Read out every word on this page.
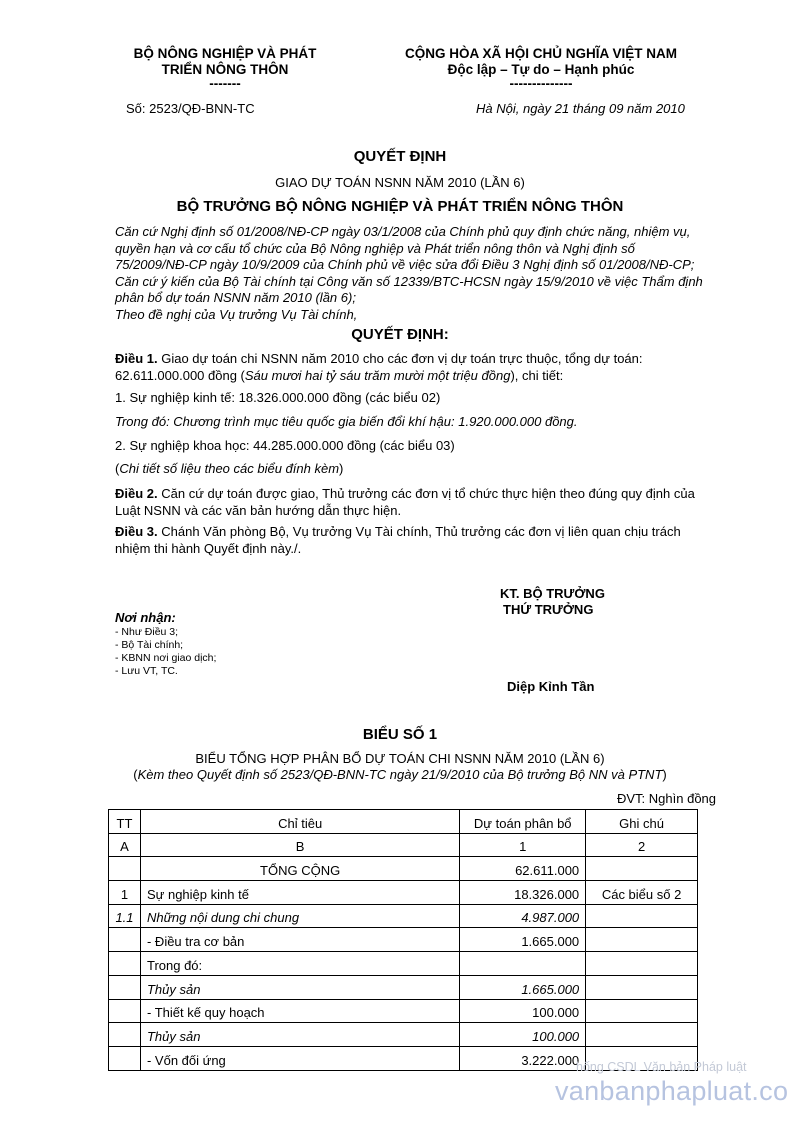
BỘ NÔNG NGHIỆP VÀ PHÁT
TRIỂN NÔNG THÔN
-------
CỘNG HÒA XÃ HỘI CHỦ NGHĨA VIỆT NAM
Độc lập – Tự do – Hạnh phúc
--------------
Số: 2523/QĐ-BNN-TC	Hà Nội, ngày 21 tháng 09 năm 2010
QUYẾT ĐỊNH
GIAO DỰ TOÁN NSNN NĂM 2010 (LẦN 6)
BỘ TRƯỞNG BỘ NÔNG NGHIỆP VÀ PHÁT TRIỂN NÔNG THÔN
Căn cứ Nghị định số 01/2008/NĐ-CP ngày 03/1/2008 của Chính phủ quy định chức năng, nhiệm vụ,
quyền hạn và cơ cấu tổ chức của Bộ Nông nghiệp và Phát triển nông thôn và Nghị định số
75/2009/NĐ-CP ngày 10/9/2009 của Chính phủ về việc sửa đổi Điều 3 Nghị định số 01/2008/NĐ-CP;
Căn cứ ý kiến của Bộ Tài chính tại Công văn số 12339/BTC-HCSN ngày 15/9/2010 về việc Thẩm định
phân bổ dự toán NSNN năm 2010 (lần 6);
Theo đề nghị của Vụ trưởng Vụ Tài chính,
QUYẾT ĐỊNH:
Điều 1. Giao dự toán chi NSNN năm 2010 cho các đơn vị dự toán trực thuộc, tổng dự toán:
62.611.000.000 đồng (Sáu mươi hai tỷ sáu trăm mười một triệu đồng), chi tiết:
1. Sự nghiệp kinh tế: 18.326.000.000 đồng (các biểu 02)
Trong đó: Chương trình mục tiêu quốc gia biến đổi khí hậu: 1.920.000.000 đồng.
2. Sự nghiệp khoa học: 44.285.000.000 đồng (các biểu 03)
(Chi tiết số liệu theo các biểu đính kèm)
Điều 2. Căn cứ dự toán được giao, Thủ trưởng các đơn vị tổ chức thực hiện theo đúng quy định của
Luật NSNN và các văn bản hướng dẫn thực hiện.
Điều 3. Chánh Văn phòng Bộ, Vụ trưởng Vụ Tài chính, Thủ trưởng các đơn vị liên quan chịu trách
nhiệm thi hành Quyết định này./.
KT. BỘ TRƯỞNG
THỨ TRƯỞNG
Diệp Kỉnh Tần
Nơi nhận:
- Như Điều 3;
- Bộ Tài chính;
- KBNN nơi giao dịch;
- Lưu VT, TC.
BIỂU SỐ 1
BIỂU TỔNG HỢP PHÂN BỔ DỰ TOÁN CHI NSNN NĂM 2010 (LẦN 6)
(Kèm theo Quyết định số 2523/QĐ-BNN-TC ngày 21/9/2010 của Bộ trưởng Bộ NN và PTNT)
ĐVT: Nghìn đồng
TT	Chỉ tiêu	Dự toán phân bổ	Ghi chú
A	B	1	2
	TỔNG CỘNG	62.611.000	
1	Sự nghiệp kinh tế	18.326.000	Các biểu số 2
1.1	Những nội dung chi chung	4.987.000	
	- Điều tra cơ bản	1.665.000	
	Trong đó:		
	Thủy sản	1.665.000	
	- Thiết kế quy hoạch	100.000	
	Thủy sản	100.000	
	- Vốn đối ứng	3.222.000	
hống CSDL Văn bản Pháp luật
vanbanphapluat.co
